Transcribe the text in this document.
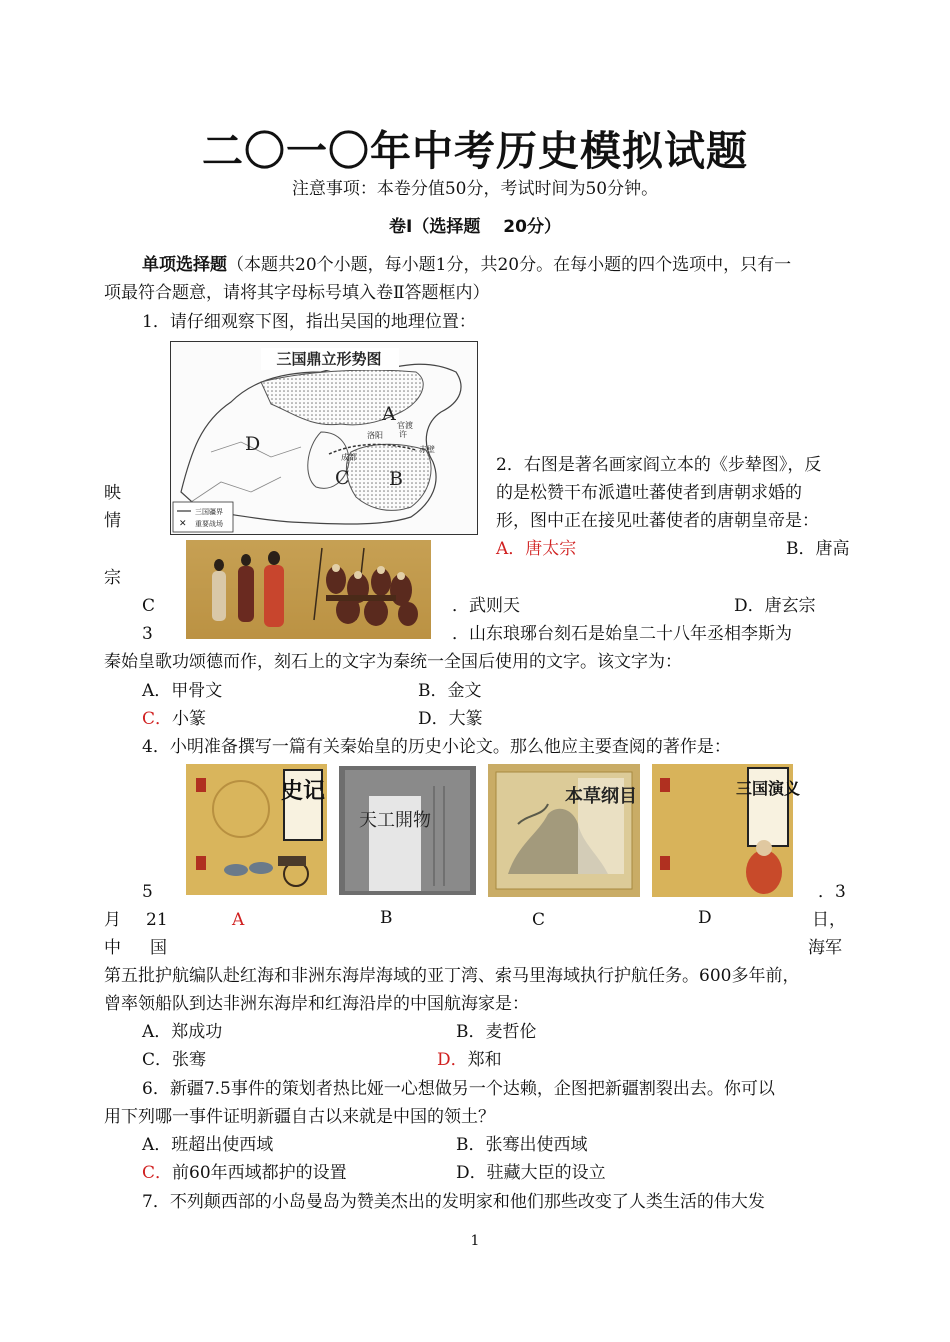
二〇一〇年中考历史模拟试题
注意事项：本卷分值50分，考试时间为50分钟。
卷Ⅰ（选择题　 20分）
单项选择题（本题共20个小题，每小题1分，共20分。在每小题的四个选项中，只有一
项最符合题意，请将其字母标号填入卷Ⅱ答题框内）
1．请仔细观察下图，指出吴国的地理位置：
三国鼎立形势图
A
B
C
D	洛阳
成都
许
官渡
赤壁
三国疆界
✕ 重要战场
2．右图是著名画家阎立本的《步辇图》，反
映	的是松赞干布派遣吐蕃使者到唐朝求婚的
情	形，图中正在接见吐蕃使者的唐朝皇帝是：
A．唐太宗	B．唐高
宗
C	．武则天	D．唐玄宗
3	．山东琅琊台刻石是始皇二十八年丞相李斯为
秦始皇歌功颂德而作，刻石上的文字为秦统一全国后使用的文字。该文字为：
A．甲骨文	B．金文
C．小篆	D．大篆
4．小明准备撰写一篇有关秦始皇的历史小论文。那么他应主要查阅的著作是：
史记
天工開物
本草纲目	三国演义
5	．3
月 21	A	B	C	D	日，
中 国	海军
第五批护航编队赴红海和非洲东海岸海域的亚丁湾、索马里海域执行护航任务。600多年前，
曾率领船队到达非洲东海岸和红海沿岸的中国航海家是：
A．郑成功	B．麦哲伦
C．张骞	D．郑和
6．新疆7.5事件的策划者热比娅一心想做另一个达赖，企图把新疆割裂出去。你可以
用下列哪一事件证明新疆自古以来就是中国的领土？
A．班超出使西域	B．张骞出使西域
C．前60年西域都护的设置	D．驻藏大臣的设立
7．不列颠西部的小岛曼岛为赞美杰出的发明家和他们那些改变了人类生活的伟大发
1
